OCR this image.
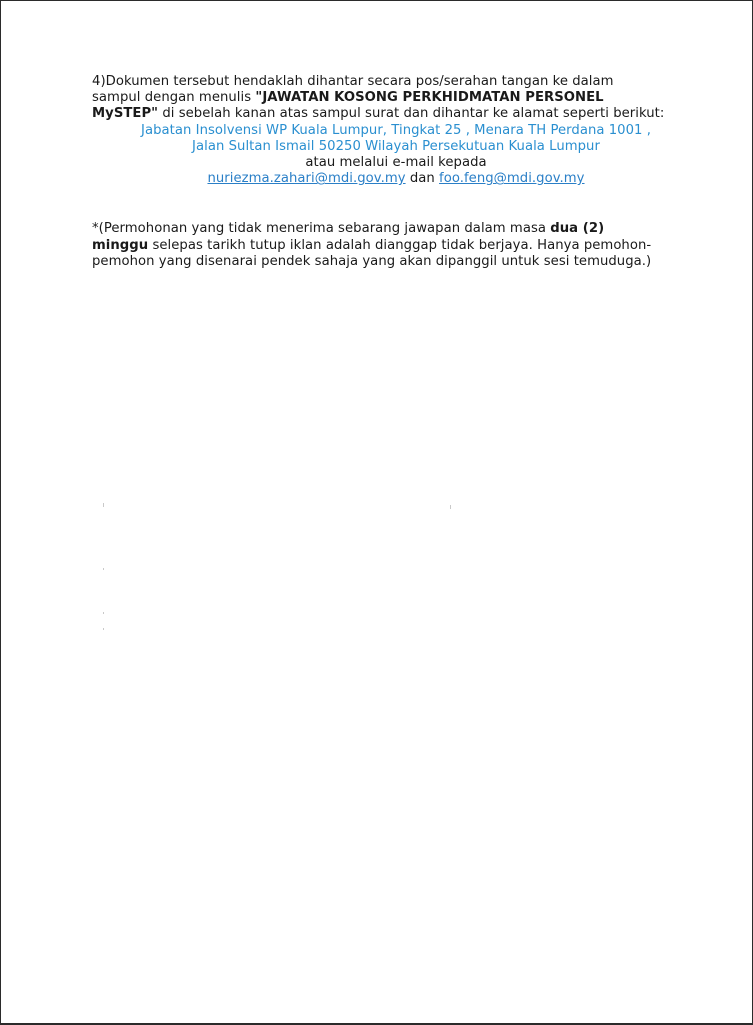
4)Dokumen tersebut hendaklah dihantar secara pos/serahan tangan ke dalam
sampul dengan menulis "JAWATAN KOSONG PERKHIDMATAN PERSONEL
MySTEP" di sebelah kanan atas sampul surat dan dihantar ke alamat seperti berikut:

Jabatan Insolvensi WP Kuala Lumpur, Tingkat 25 , Menara TH Perdana 1001 ,
Jalan Sultan Ismail 50250 Wilayah Persekutuan Kuala Lumpur
atau melalui e-mail kepada
nuriezma.zahari@mdi.gov.my dan foo.feng@mdi.gov.my

*(Permohonan yang tidak menerima sebarang jawapan dalam masa dua (2)
minggu selepas tarikh tutup iklan adalah dianggap tidak berjaya. Hanya pemohon-
pemohon yang disenarai pendek sahaja yang akan dipanggil untuk sesi temuduga.)
